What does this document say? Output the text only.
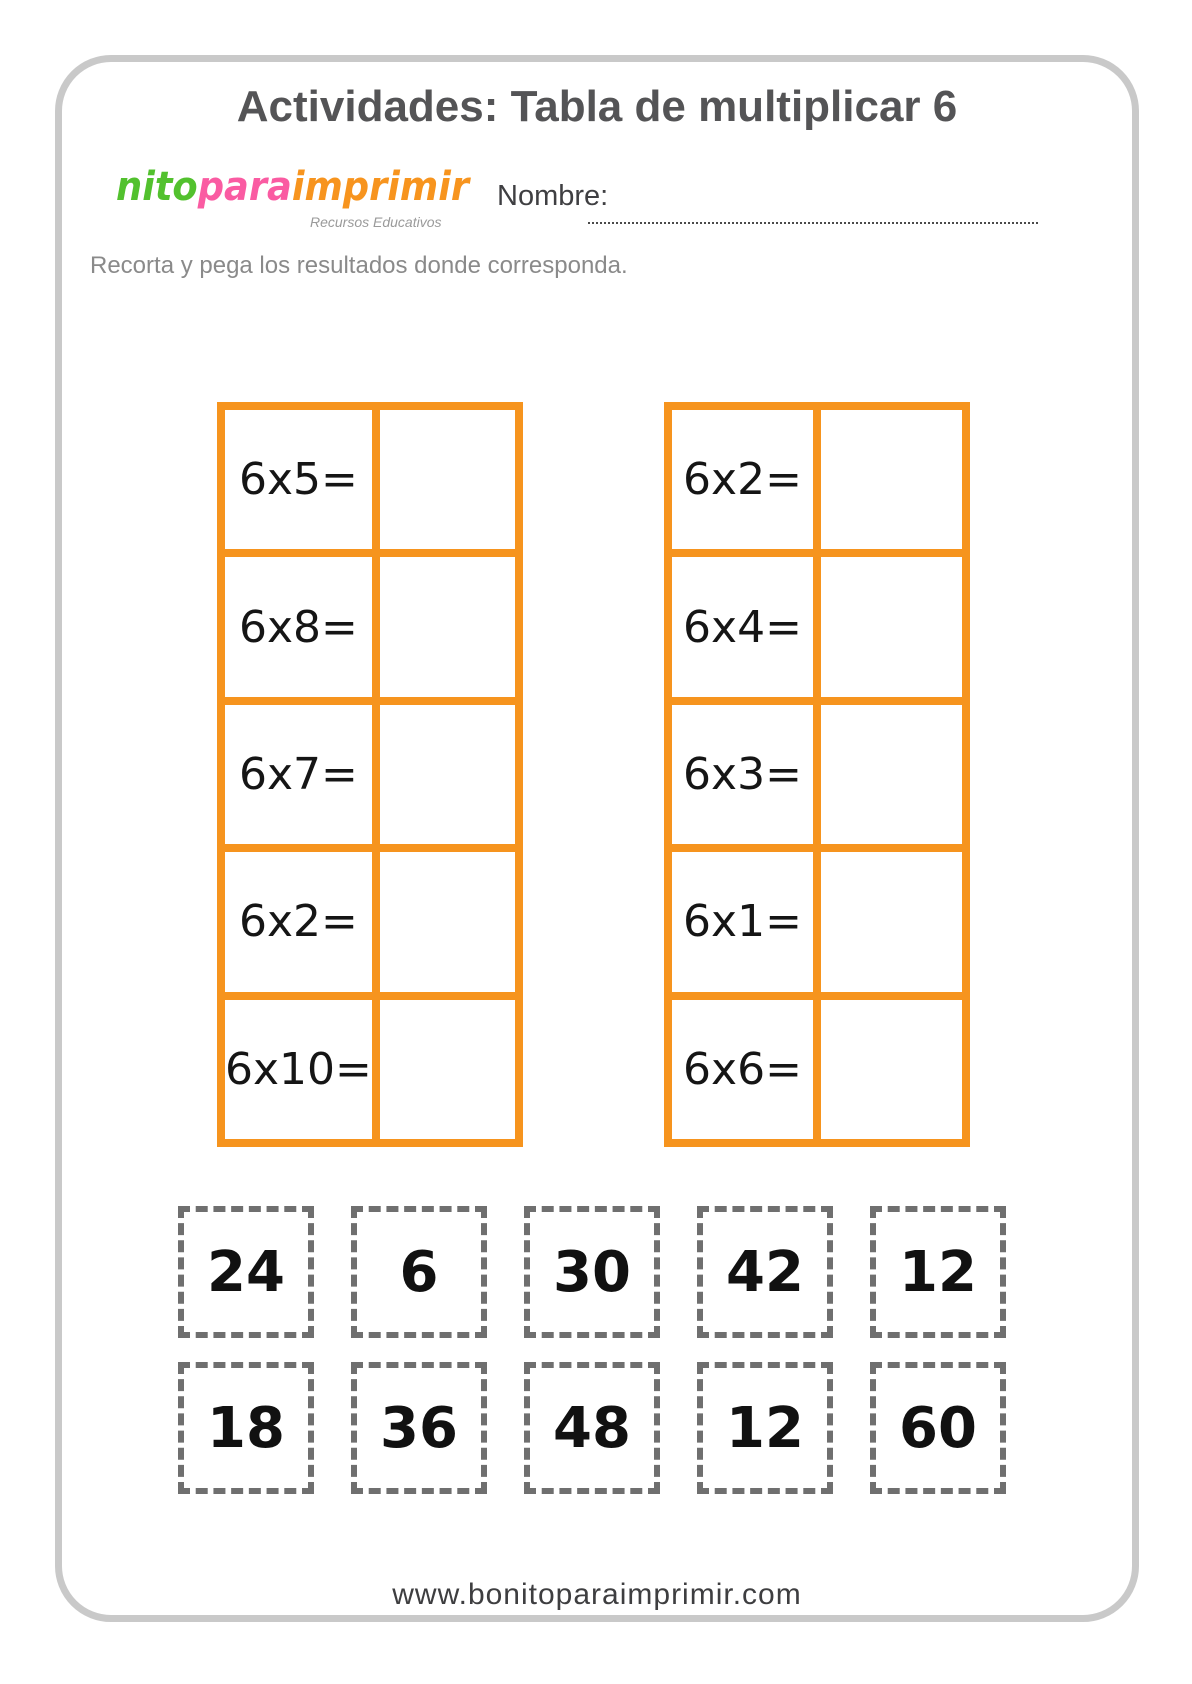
Actividades: Tabla de multiplicar 6
nitoparaimprimir
Recursos Educativos
Nombre:
Recorta y pega los resultados donde corresponda.
6x5=
6x8=
6x7=
6x2=
6x10=
6x2=
6x4=
6x3=
6x1=
6x6=
24	6	30	42	12
18	36	48	12	60
www.bonitoparaimprimir.com
